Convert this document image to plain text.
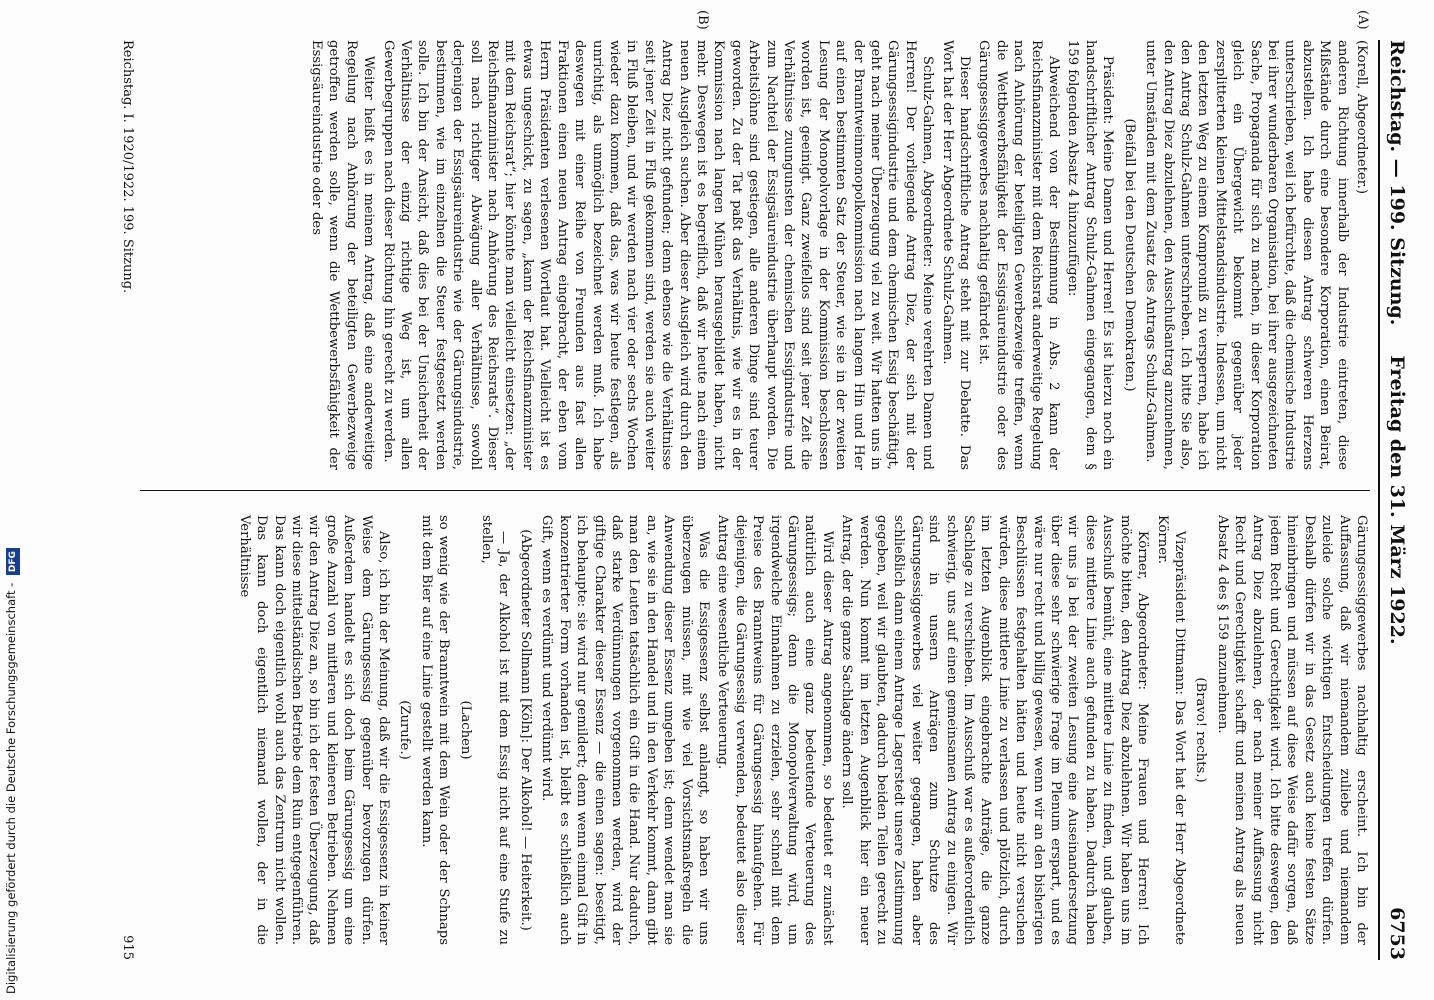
Reichstag. — 199. Sitzung.
Freitag den 31. März 1922.
6753
(A)
(B)

(Korell, Abgeordneter.)

anderen Richtung innerhalb der Industrie eintreten, diese Mißstände durch eine besondere Korporation, einen Beirat, abzustellen. Ich habe diesen Antrag schweren Herzens unterschrieben, weil ich befürchte, daß die chemische Industrie bei ihrer wunderbaren Organisation, bei ihrer ausgezeichneten Sache, Propaganda für sich zu machen, in dieser Korporation gleich ein Übergewicht bekommt gegenüber jeder zersplitterten kleinen Mittelstandsindustrie. Indessen, um nicht den letzten Weg zu einem Kompromiß zu versperren, habe ich den Antrag Schulz-Gahmen unterschrieben. Ich bitte Sie also, den Antrag Diez abzulehnen, den Ausschußantrag anzunehmen, unter Umständen mit dem Zusatz des Antrags Schulz-Gahmen.

(Beifall bei den Deutschen Demokraten.)

Präsident: Meine Damen und Herren! Es ist hierzu noch ein handschriftlicher Antrag Schulz-Gahmen eingegangen, dem § 159 folgenden Absatz 4 hinzuzufügen:

Abweichend von der Bestimmung in Abs. 2 kann der Reichsfinanzminister mit dem Reichsrat anderweitige Regelung nach Anhörung der beteiligten Gewerbezweige treffen, wenn die Wettbewerbsfähigkeit der Essigsäureindustrie oder des Gärungsessiggewerbes nachhaltig gefährdet ist.

Dieser handschriftliche Antrag steht mit zur Debatte. Das Wort hat der Herr Abgeordnete Schulz-Gahmen.

Schulz-Gahmen, Abgeordneter: Meine verehrten Damen und Herren! Der vorliegende Antrag Diez, der sich mit der Gärungsessigindustrie und dem chemischen Essig beschäftigt, geht nach meiner Überzeugung viel zu weit. Wir hatten uns in der Branntweinmonopolkommission nach langem Hin und Her auf einen bestimmten Satz der Steuer, wie sie in der zweiten Lesung der Monopolvorlage in der Kommission beschlossen worden ist, geeinigt. Ganz zweifellos sind seit jener Zeit die Verhältnisse zuungunsten der chemischen Essigindustrie und zum Nachteil der Essigsäureindustrie überhaupt worden. Die Arbeitslöhne sind gestiegen, alle anderen Dinge sind teurer geworden. Zu der Tat paßt das Verhältnis, wie wir es in der Kommission nach langen Mühen herausgebildet haben, nicht mehr. Deswegen ist es begreiflich, daß wir heute nach einem neuen Ausgleich suchen. Aber dieser Ausgleich wird durch den Antrag Diez nicht gefunden; denn ebenso wie die Verhältnisse seit jener Zeit in Fluß gekommen sind, werden sie auch weiter in Fluß bleiben, und wir werden nach vier oder sechs Wochen wieder dazu kommen, daß das, was wir heute festlegen, als unrichtig, als unmöglich bezeichnet werden muß. Ich habe deswegen mit einer Reihe von Freunden aus fast allen Fraktionen einen neuen Antrag eingebracht, der eben vom Herrn Präsidenten verlesenen Wortlaut hat. Vielleicht ist es etwas ungeschickt, zu sagen, „kann der Reichsfinanzminister mit dem Reichsrat“; hier könnte man vielleicht einsetzen: „der Reichsfinanzminister nach Anhörung des Reichsrats“. Dieser soll nach richtiger Abwägung aller Verhältnisse, sowohl derjenigen der Essigsäureindustrie wie der Gärungsindustrie, bestimmen, wie im einzelnen die Steuer festgesetzt werden solle. Ich bin der Ansicht, daß dies bei der Unsicherheit der Verhältnisse der einzig richtige Weg ist, um allen Gewerbegruppen nach dieser Richtung hin gerecht zu werden.

Weiter heißt es in meinem Antrag, daß eine anderweitige Regelung nach Anhörung der beteiligten Gewerbezweige getroffen werden solle, wenn die Wettbewerbsfähigkeit der Essigsäureindustrie oder des

Gärungsessiggewerbes nachhaltig erscheint. Ich bin der Auffassung, daß wir niemandem zuliebe und niemandem zuleide solche wichtigen Entscheidungen treffen dürfen. Deshalb dürfen wir in das Gesetz auch keine festen Sätze hineinbringen und müssen auf diese Weise dafür sorgen, daß jedem Recht und Gerechtigkeit wird. Ich bitte deswegen, den Antrag Diez abzulehnen, der nach meiner Auffassung nicht Recht und Gerechtigkeit schafft und meinen Antrag als neuen Absatz 4 des § 159 anzunehmen.

(Bravo! rechts.)

Vizepräsident Dittmann: Das Wort hat der Herr Abgeordnete Körner.

Körner, Abgeordneter: Meine Frauen und Herren! Ich möchte bitten, den Antrag Diez abzulehnen. Wir haben uns im Ausschuß bemüht, eine mittlere Linie zu finden, und glauben, diese mittlere Linie auch gefunden zu haben. Dadurch haben wir uns ja bei der zweiten Lesung eine Auseinandersetzung über diese sehr schwierige Frage im Plenum erspart, und es wäre nur recht und billig gewesen, wenn wir an den bisherigen Beschlüssen festgehalten hätten und heute nicht versuchen würden, diese mittlere Linie zu verlassen und plötzlich, durch im letzten Augenblick eingebrachte Anträge, die ganze Sachlage zu verschieben. Im Ausschuß war es außerordentlich schwierig, uns auf einen gemeinsamen Antrag zu einigen. Wir sind in unsern Anträgen zum Schutze des Gärungsessiggewerbes viel weiter gegangen, haben aber schließlich dann einem Antrage Lagerstedt unsere Zustimmung gegeben, weil wir glaubten, dadurch beiden Teilen gerecht zu werden. Nun kommt im letzten Augenblick hier ein neuer Antrag, der die ganze Sachlage ändern soll.

Wird dieser Antrag angenommen, so bedeutet er zunächst natürlich auch eine ganz bedeutende Verteuerung des Gärungsessigs; denn die Monopolverwaltung wird, um irgendwelche Einnahmen zu erzielen, sehr schnell mit dem Preise des Branntweins für Gärungsessig hinaufgehen. Für diejenigen, die Gärungsessig verwenden, bedeutet also dieser Antrag eine wesentliche Verteuerung.

Was die Essigessenz selbst anlangt, so haben wir uns überzeugen müssen, mit wie viel Vorsichtsmaßregeln die Anwendung dieser Essenz umgeben ist; denn wendet man sie an, wie sie in den Handel und in den Verkehr kommt, dann gibt man den Leuten tatsächlich ein Gift in die Hand. Nur dadurch, daß starke Verdünnungen vorgenommen werden, wird der giftige Charakter dieser Essenz — die einen sagen: beseitigt, ich behaupte: sie wird nur gemildert; denn wenn einmal Gift in konzentrierter Form vorhanden ist, bleibt es schließlich auch Gift, wenn es verdünnt und verdünnt wird.

(Abgeordneter Sollmann [Köln]: Der Alkohol! — Heiterkeit.)

— Ja, der Alkohol ist mit dem Essig nicht auf eine Stufe zu stellen,

(Lachen)

so wenig wie der Branntwein mit dem Wein oder der Schnaps mit dem Bier auf eine Linie gestellt werden kann.

(Zurufe.)

Also, ich bin der Meinung, daß wir die Essigessenz in keiner Weise dem Gärungsessig gegenüber bevorzugen dürfen. Außerdem handelt es sich doch beim Gärungsessig um eine große Anzahl von mittleren und kleineren Betrieben. Nehmen wir den Antrag Diez an, so bin ich der festen Überzeugung, daß wir diese mittelständischen Betriebe dem Ruin entgegenführen. Das kann doch eigentlich wohl auch das Zentrum nicht wollen. Das kann doch eigentlich niemand wollen, der in die Verhältnisse

Reichstag. I. 1920/1922. 199. Sitzung.
915
Digitalisierung gefördert durch die Deutsche Forschungsgemeinschaft - DFG
